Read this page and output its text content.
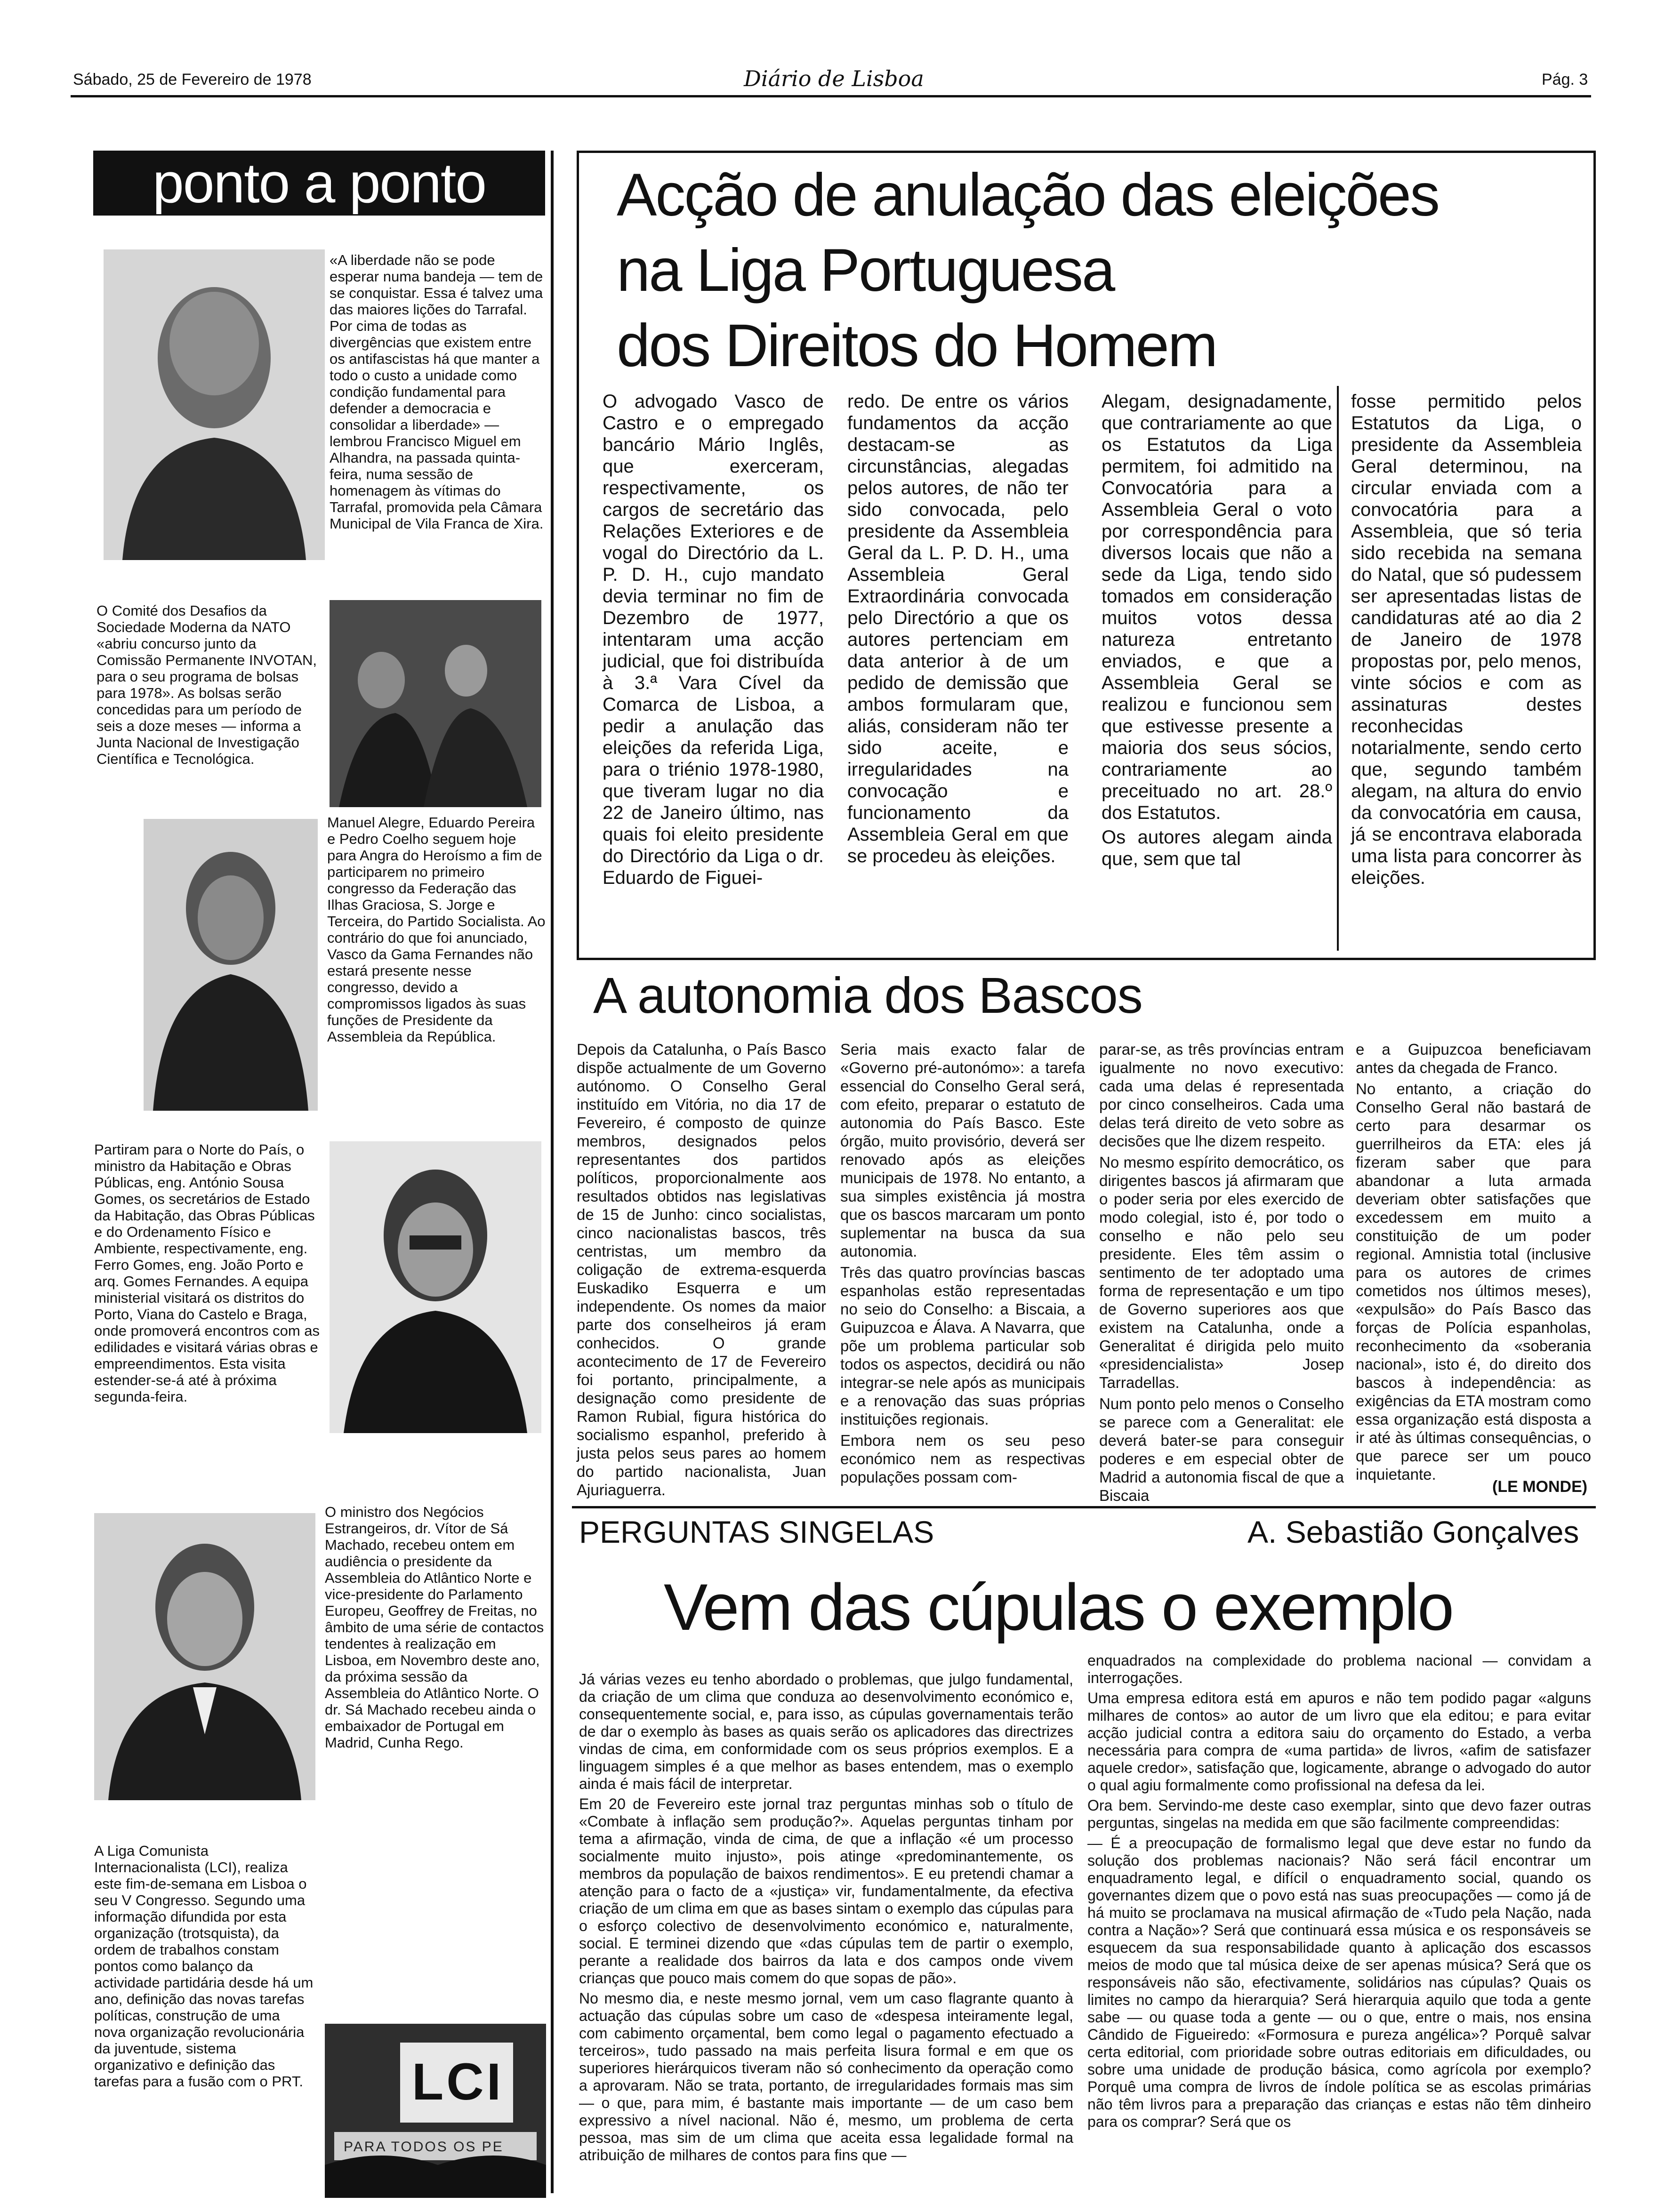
Sábado, 25 de Fevereiro de 1978	Diário de Lisboa	Pág. 3
ponto a ponto
«A liberdade não se pode esperar numa bandeja — tem de se conquistar. Essa é talvez uma das maiores lições do Tarrafal. Por cima de todas as divergências que existem entre os antifascistas há que manter a todo o custo a unidade como condição fundamental para defender a democracia e consolidar a liberdade» — lembrou Francisco Miguel em Alhandra, na passada quinta-feira, numa sessão de homenagem às vítimas do Tarrafal, promovida pela Câmara Municipal de Vila Franca de Xira.
O Comité dos Desafios da Sociedade Moderna da NATO «abriu concurso junto da Comissão Permanente INVOTAN, para o seu programa de bolsas para 1978». As bolsas serão concedidas para um período de seis a doze meses — informa a Junta Nacional de Investigação Científica e Tecnológica.
Manuel Alegre, Eduardo Pereira e Pedro Coelho seguem hoje para Angra do Heroísmo a fim de participarem no primeiro congresso da Federação das Ilhas Graciosa, S. Jorge e Terceira, do Partido Socialista. Ao contrário do que foi anunciado, Vasco da Gama Fernandes não estará presente nesse congresso, devido a compromissos ligados às suas funções de Presidente da Assembleia da República.
Partiram para o Norte do País, o ministro da Habitação e Obras Públicas, eng. António Sousa Gomes, os secretários de Estado da Habitação, das Obras Públicas e do Ordenamento Físico e Ambiente, respectivamente, eng. Ferro Gomes, eng. João Porto e arq. Gomes Fernandes. A equipa ministerial visitará os distritos do Porto, Viana do Castelo e Braga, onde promoverá encontros com as edilidades e visitará várias obras e empreendimentos. Esta visita estender-se-á até à próxima segunda-feira.
O ministro dos Negócios Estrangeiros, dr. Vítor de Sá Machado, recebeu ontem em audiência o presidente da Assembleia do Atlântico Norte e vice-presidente do Parlamento Europeu, Geoffrey de Freitas, no âmbito de uma série de contactos tendentes à realização em Lisboa, em Novembro deste ano, da próxima sessão da Assembleia do Atlântico Norte. O dr. Sá Machado recebeu ainda o embaixador de Portugal em Madrid, Cunha Rego.
A Liga Comunista Internacionalista (LCI), realiza este fim-de-semana em Lisboa o seu V Congresso. Segundo uma informação difundida por esta organização (trotsquista), da ordem de trabalhos constam pontos como balanço da actividade partidária desde há um ano, definição das novas tarefas políticas, construção de uma nova organização revolucionária da juventude, sistema organizativo e definição das tarefas para a fusão com o PRT. LCI
PARA TODOS OS PE
Acção de anulação das eleições
na Liga Portuguesa
dos Direitos do Homem
O advogado Vasco de Castro e o empregado bancário Mário Inglês, que exerceram, respectivamente, os cargos de secretário das Relações Exteriores e de vogal do Directório da L. P. D. H., cujo mandato devia terminar no fim de Dezembro de 1977, intentaram uma acção judicial, que foi distribuída à 3.ª Vara Cível da Comarca de Lisboa, a pedir a anulação das eleições da referida Liga, para o triénio 1978-1980, que tiveram lugar no dia 22 de Janeiro último, nas quais foi eleito presidente do Directório da Liga o dr. Eduardo de Figuei-
redo. De entre os vários fundamentos da acção destacam-se as circunstâncias, alegadas pelos autores, de não ter sido convocada, pelo presidente da Assembleia Geral da L. P. D. H., uma Assembleia Geral Extraordinária convocada pelo Directório a que os autores pertenciam em data anterior à de um pedido de demissão que ambos formularam que, aliás, consideram não ter sido aceite, e irregularidades na convocação e funcionamento da Assembleia Geral em que se procedeu às eleições.

Alegam, designadamente, que contrariamente ao que os Estatutos da Liga permitem, foi admitido na Convocatória para a Assembleia Geral o voto por correspondência para diversos locais que não a sede da Liga, tendo sido tomados em consideração muitos votos dessa natureza entretanto enviados, e que a Assembleia Geral se realizou e funcionou sem que estivesse presente a maioria dos seus sócios, contrariamente ao preceituado no art. 28.º dos Estatutos.

Os autores alegam ainda que, sem que tal

fosse permitido pelos Estatutos da Liga, o presidente da Assembleia Geral determinou, na circular enviada com a convocatória para a Assembleia, que só teria sido recebida na semana do Natal, que só pudessem ser apresentadas listas de candidaturas até ao dia 2 de Janeiro de 1978 propostas por, pelo menos, vinte sócios e com as assinaturas destes reconhecidas notarialmente, sendo certo que, segundo também alegam, na altura do envio da convocatória em causa, já se encontrava elaborada uma lista para concorrer às eleições.
A autonomia dos Bascos
Depois da Catalunha, o País Basco dispõe actualmente de um Governo autónomo. O Conselho Geral instituído em Vitória, no dia 17 de Fevereiro, é composto de quinze membros, designados pelos representantes dos partidos políticos, proporcionalmente aos resultados obtidos nas legislativas de 15 de Junho: cinco socialistas, cinco nacionalistas bascos, três centristas, um membro da coligação de extrema-esquerda Euskadiko Esquerra e um independente. Os nomes da maior parte dos conselheiros já eram conhecidos. O grande acontecimento de 17 de Fevereiro foi portanto, principalmente, a designação como presidente de Ramon Rubial, figura histórica do socialismo espanhol, preferido à justa pelos seus pares ao homem do partido nacionalista, Juan Ajuriaguerra.

Seria mais exacto falar de «Governo pré-autonómo»: a tarefa essencial do Conselho Geral será, com efeito, preparar o estatuto de autonomia do País Basco. Este órgão, muito provisório, deverá ser renovado após as eleições municipais de 1978. No entanto, a sua simples existência já mostra que os bascos marcaram um ponto suplementar na busca da sua autonomia.

Três das quatro províncias bascas espanholas estão representadas no seio do Conselho: a Biscaia, a Guipuzcoa e Álava. A Navarra, que põe um problema particular sob todos os aspectos, decidirá ou não integrar-se nele após as municipais e a renovação das suas próprias instituições regionais.

Embora nem os seu peso económico nem as respectivas populações possam com-

parar-se, as três províncias entram igualmente no novo executivo: cada uma delas é representada por cinco conselheiros. Cada uma delas terá direito de veto sobre as decisões que lhe dizem respeito.

No mesmo espírito democrático, os dirigentes bascos já afirmaram que o poder seria por eles exercido de modo colegial, isto é, por todo o conselho e não pelo seu presidente. Eles têm assim o sentimento de ter adoptado uma forma de representação e um tipo de Governo superiores aos que existem na Catalunha, onde a Generalitat é dirigida pelo muito «presidencialista» Josep Tarradellas.

Num ponto pelo menos o Conselho se parece com a Generalitat: ele deverá bater-se para conseguir poderes e em especial obter de Madrid a autonomia fiscal de que a Biscaia

e a Guipuzcoa beneficiavam antes da chegada de Franco.

No entanto, a criação do Conselho Geral não bastará de certo para desarmar os guerrilheiros da ETA: eles já fizeram saber que para abandonar a luta armada deveriam obter satisfações que excedessem em muito a constituição de um poder regional. Amnistia total (inclusive para os autores de crimes cometidos nos últimos meses), «expulsão» do País Basco das forças de Polícia espanholas, reconhecimento da «soberania nacional», isto é, do direito dos bascos à independência: as exigências da ETA mostram como essa organização está disposta a ir até às últimas consequências, o que parece ser um pouco inquietante.

(LE MONDE)
PERGUNTAS SINGELAS	A. Sebastião Gonçalves
Vem das cúpulas o exemplo

Já várias vezes eu tenho abordado o problemas, que julgo fundamental, da criação de um clima que conduza ao desenvolvimento económico e, consequentemente social, e, para isso, as cúpulas governamentais terão de dar o exemplo às bases as quais serão os aplicadores das directrizes vindas de cima, em conformidade com os seus próprios exemplos. E a linguagem simples é a que melhor as bases entendem, mas o exemplo ainda é mais fácil de interpretar.

Em 20 de Fevereiro este jornal traz perguntas minhas sob o título de «Combate à inflação sem produção?». Aquelas perguntas tinham por tema a afirmação, vinda de cima, de que a inflação «é um processo socialmente muito injusto», pois atinge «predominantemente, os membros da população de baixos rendimentos». E eu pretendi chamar a atenção para o facto de a «justiça» vir, fundamentalmente, da efectiva criação de um clima em que as bases sintam o exemplo das cúpulas para o esforço colectivo de desenvolvimento económico e, naturalmente, social. E terminei dizendo que «das cúpulas tem de partir o exemplo, perante a realidade dos bairros da lata e dos campos onde vivem crianças que pouco mais comem do que sopas de pão».

No mesmo dia, e neste mesmo jornal, vem um caso flagrante quanto à actuação das cúpulas sobre um caso de «despesa inteiramente legal, com cabimento orçamental, bem como legal o pagamento efectuado a terceiros», tudo passado na mais perfeita lisura formal e em que os superiores hierárquicos tiveram não só conhecimento da operação como a aprovaram. Não se trata, portanto, de irregularidades formais mas sim — o que, para mim, é bastante mais importante — de um caso bem expressivo a nível nacional. Não é, mesmo, um problema de certa pessoa, mas sim de um clima que aceita essa legalidade formal na atribuição de milhares de contos para fins que —

enquadrados na complexidade do problema nacional — convidam a interrogações.

Uma empresa editora está em apuros e não tem podido pagar «alguns milhares de contos» ao autor de um livro que ela editou; e para evitar acção judicial contra a editora saiu do orçamento do Estado, a verba necessária para compra de «uma partida» de livros, «afim de satisfazer aquele credor», satisfação que, logicamente, abrange o advogado do autor o qual agiu formalmente como profissional na defesa da lei.

Ora bem. Servindo-me deste caso exemplar, sinto que devo fazer outras perguntas, singelas na medida em que são facilmente compreendidas:

— É a preocupação de formalismo legal que deve estar no fundo da solução dos problemas nacionais? Não será fácil encontrar um enquadramento legal, e difícil o enquadramento social, quando os governantes dizem que o povo está nas suas preocupações — como já de há muito se proclamava na musical afirmação de «Tudo pela Nação, nada contra a Nação»? Será que continuará essa música e os responsáveis se esquecem da sua responsabilidade quanto à aplicação dos escassos meios de modo que tal música deixe de ser apenas música? Será que os responsáveis não são, efectivamente, solidários nas cúpulas? Quais os limites no campo da hierarquia? Será hierarquia aquilo que toda a gente sabe — ou quase toda a gente — ou o que, entre o mais, nos ensina Cândido de Figueiredo: «Formosura e pureza angélica»? Porquê salvar certa editorial, com prioridade sobre outras editoriais em dificuldades, ou sobre uma unidade de produção básica, como agrícola por exemplo? Porquê uma compra de livros de índole política se as escolas primárias não têm livros para a preparação das crianças e estas não têm dinheiro para os comprar? Será que os
